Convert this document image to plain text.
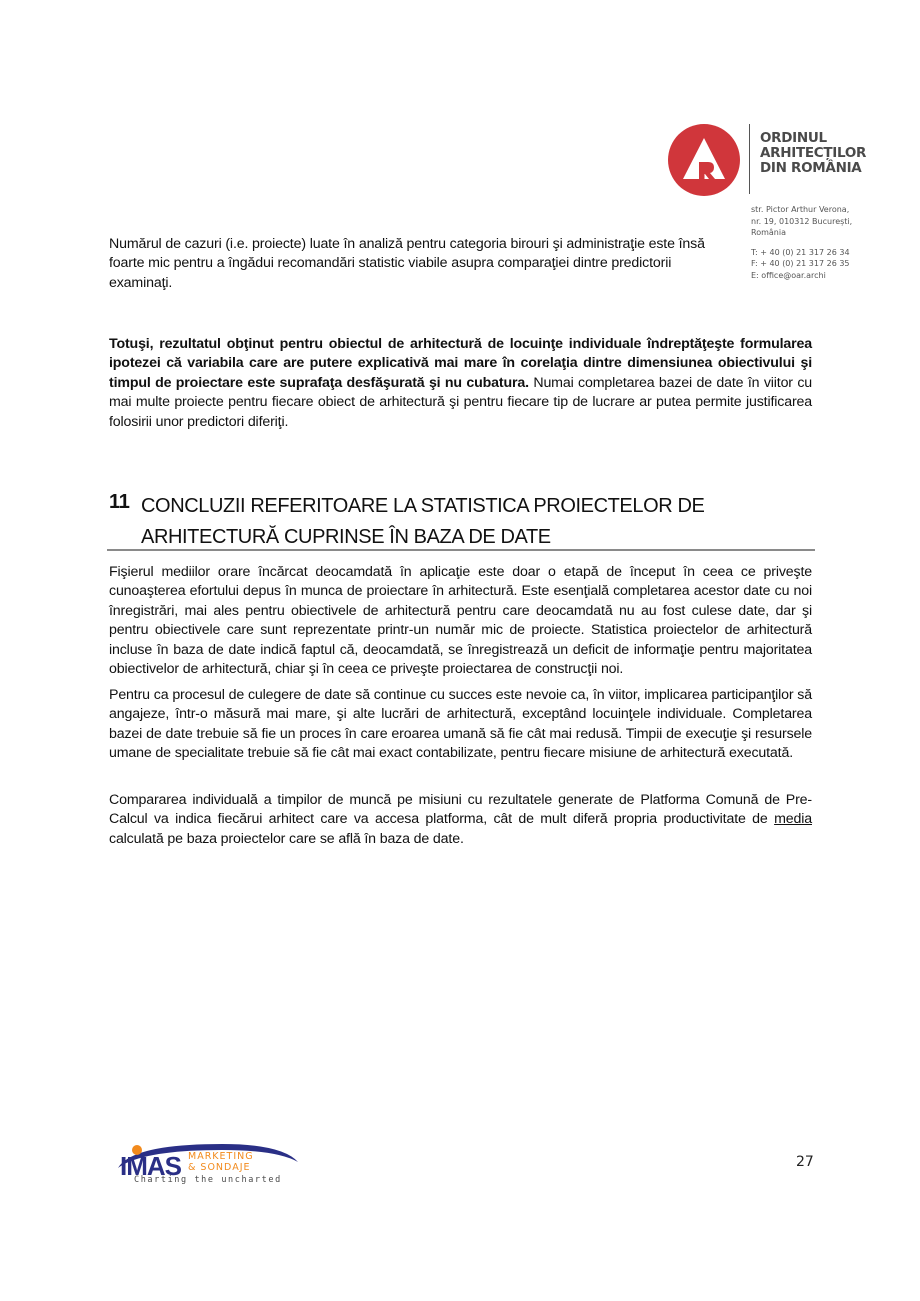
ORDINUL
ARHITECȚILOR
DIN ROMÂNIA
str. Pictor Arthur Verona,
nr. 19, 010312 București,
România
T: + 40 (0) 21 317 26 34
F: + 40 (0) 21 317 26 35
E: office@oar.archi
Numărul de cazuri (i.e. proiecte) luate în analiză pentru categoria birouri şi administraţie este însă foarte mic pentru a îngădui recomandări statistic viabile asupra comparaţiei dintre predictorii examinaţi.
Totuşi, rezultatul obţinut pentru obiectul de arhitectură de locuinţe individuale îndreptăţeşte formularea ipotezei că variabila care are putere explicativă mai mare în corelaţia dintre dimensiunea obiectivului şi timpul de proiectare este suprafaţa desfăşurată şi nu cubatura. Numai completarea bazei de date în viitor cu mai multe proiecte pentru fiecare obiect de arhitectură şi pentru fiecare tip de lucrare ar putea permite justificarea folosirii unor predictori diferiţi.
11 CONCLUZII REFERITOARE LA STATISTICA PROIECTELOR DE ARHITECTURĂ CUPRINSE ÎN BAZA DE DATE
Fişierul mediilor orare încărcat deocamdată în aplicaţie este doar o etapă de început în ceea ce priveşte cunoaşterea efortului depus în munca de proiectare în arhitectură. Este esenţială completarea acestor date cu noi înregistrări, mai ales pentru obiectivele de arhitectură pentru care deocamdată nu au fost culese date, dar şi pentru obiectivele care sunt reprezentate printr-un număr mic de proiecte. Statistica proiectelor de arhitectură incluse în baza de date indică faptul că, deocamdată, se înregistrează un deficit de informaţie pentru majoritatea obiectivelor de arhitectură, chiar şi în ceea ce priveşte proiectarea de construcţii noi.
Pentru ca procesul de culegere de date să continue cu succes este nevoie ca, în viitor, implicarea participanţilor să angajeze, într-o măsură mai mare, şi alte lucrări de arhitectură, exceptând locuinţele individuale. Completarea bazei de date trebuie să fie un proces în care eroarea umană să fie cât mai redusă. Timpii de execuţie şi resursele umane de specialitate trebuie să fie cât mai exact contabilizate, pentru fiecare misiune de arhitectură executată.
Compararea individuală a timpilor de muncă pe misiuni cu rezultatele generate de Platforma Comună de Pre-Calcul va indica fiecărui arhitect care va accesa platforma, cât de mult diferă propria productivitate de media calculată pe baza proiectelor care se află în baza de date.
IMAS MARKETING
& SONDAJE
Charting the uncharted
27
